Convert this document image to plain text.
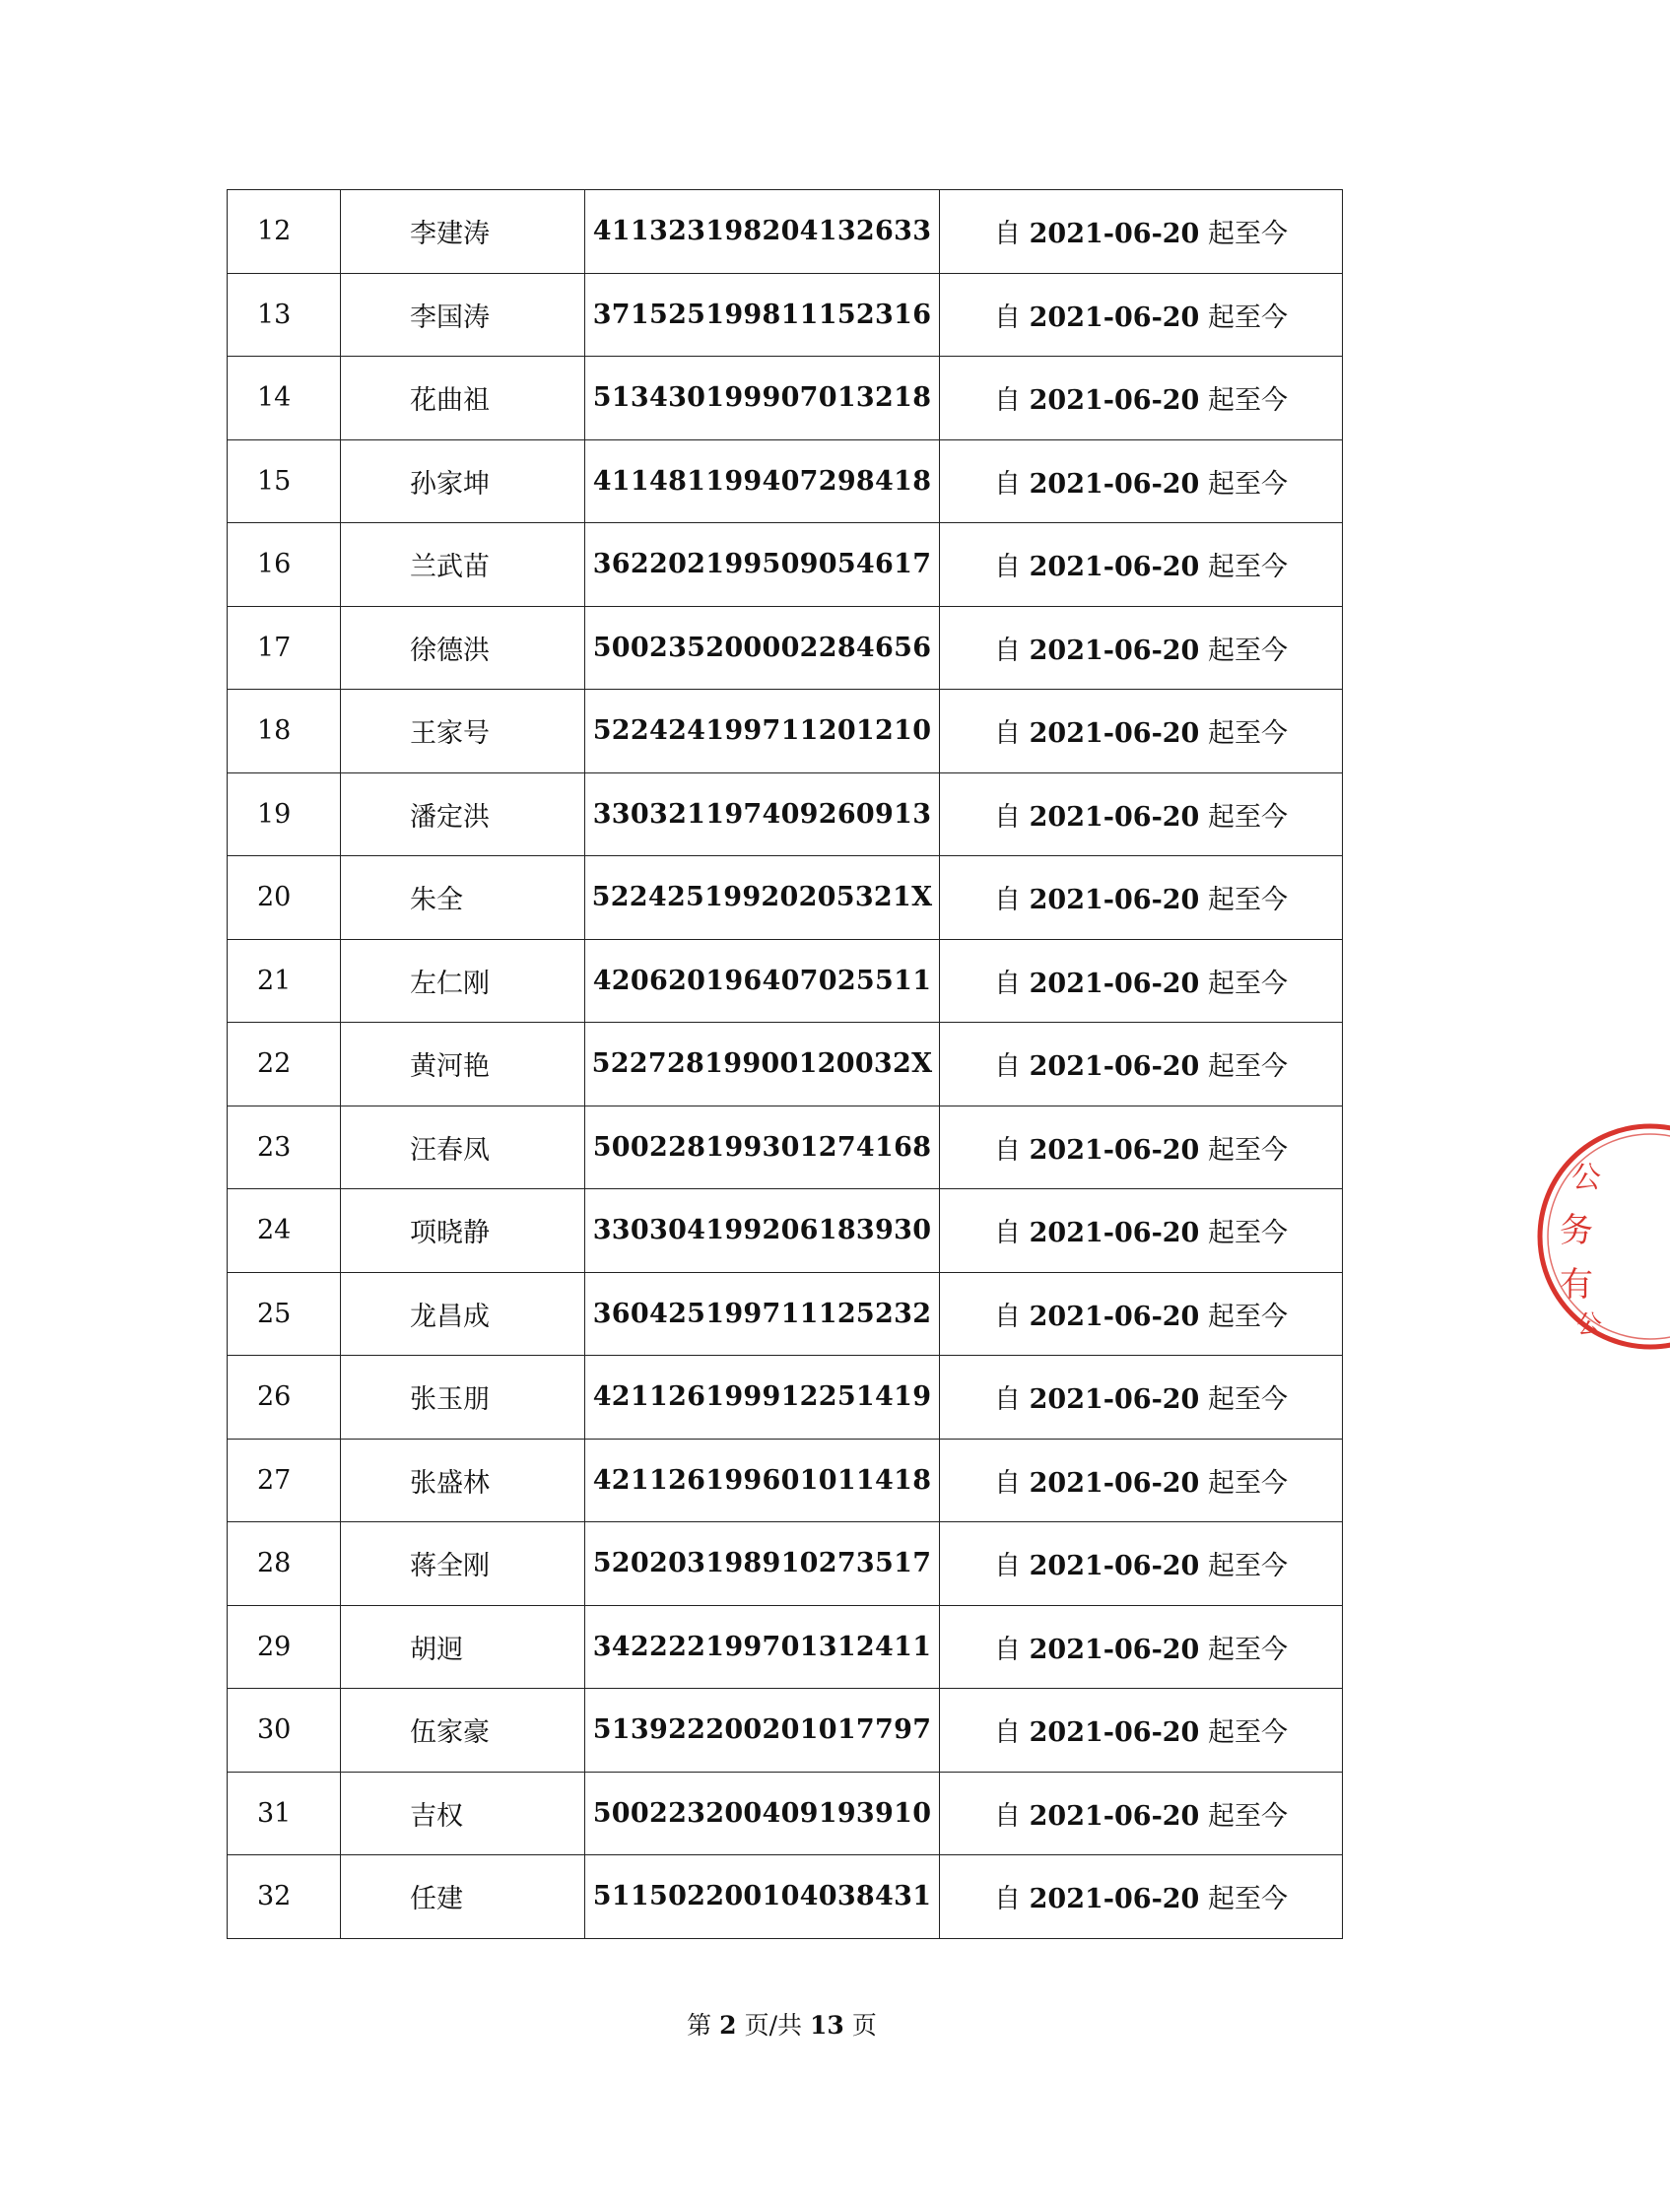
12	李建涛	411323198204132633	自 2021-06-20 起至今
13	李国涛	371525199811152316	自 2021-06-20 起至今
14	花曲祖	513430199907013218	自 2021-06-20 起至今
15	孙家坤	411481199407298418	自 2021-06-20 起至今
16	兰武苗	362202199509054617	自 2021-06-20 起至今
17	徐德洪	500235200002284656	自 2021-06-20 起至今
18	王家号	522424199711201210	自 2021-06-20 起至今
19	潘定洪	330321197409260913	自 2021-06-20 起至今
20	朱全	52242519920205321X	自 2021-06-20 起至今
21	左仁刚	420620196407025511	自 2021-06-20 起至今
22	黄河艳	52272819900120032X	自 2021-06-20 起至今
23	汪春凤	500228199301274168	自 2021-06-20 起至今
24	项晓静	330304199206183930	自 2021-06-20 起至今
25	龙昌成	360425199711125232	自 2021-06-20 起至今
26	张玉朋	421126199912251419	自 2021-06-20 起至今
27	张盛林	421126199601011418	自 2021-06-20 起至今
28	蒋全刚	520203198910273517	自 2021-06-20 起至今
29	胡迥	342222199701312411	自 2021-06-20 起至今
30	伍家豪	513922200201017797	自 2021-06-20 起至今
31	吉权	500223200409193910	自 2021-06-20 起至今
32	任建	511502200104038431	自 2021-06-20 起至今
第 2 页/共 13 页
公
务
有
公
